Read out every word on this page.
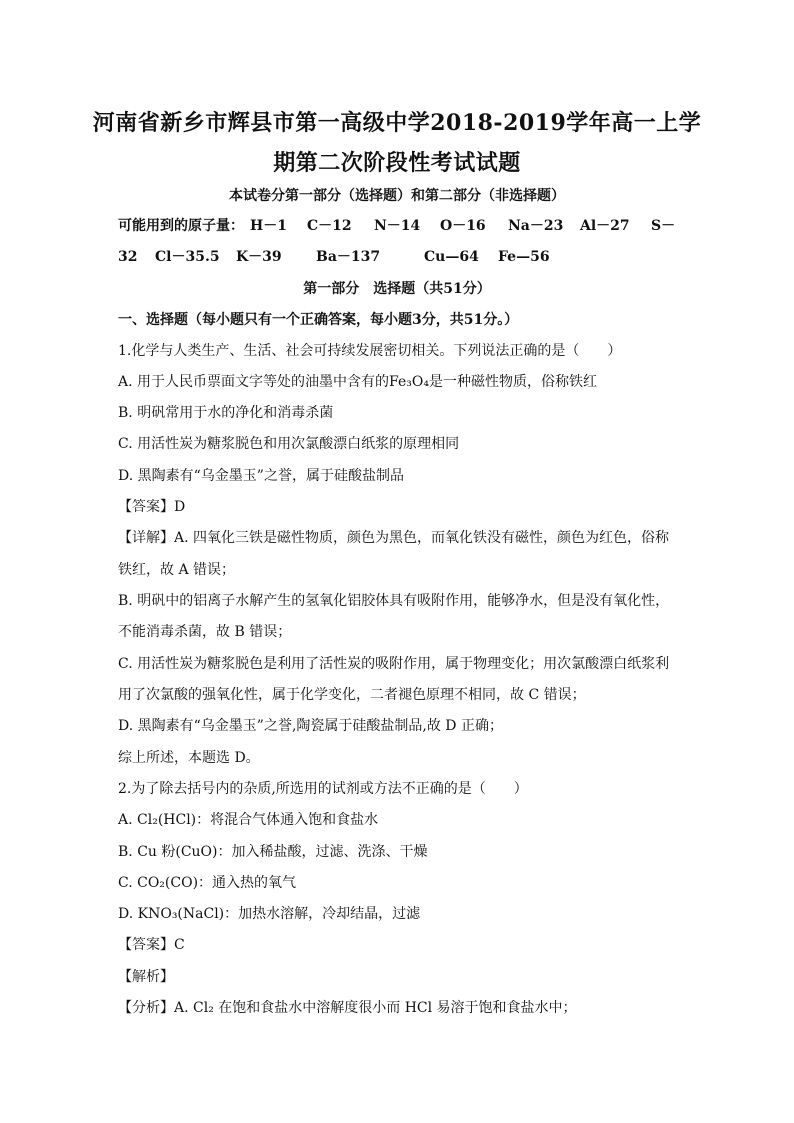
河南省新乡市辉县市第一高级中学2018-2019学年高一上学
期第二次阶段性考试试题
本试卷分第一部分（选择题）和第二部分（非选择题）
可能用到的原子量： H－1 C－12 N－14 O－16 Na－23 Al－27 S－
32 Cl－35.5 K－39 Ba－137	Cu—64 Fe—56
第一部分　选择题（共51分）
一、选择题（每小题只有一个正确答案，每小题3分，共51分。）
1.化学与人类生产、生活、社会可持续发展密切相关。下列说法正确的是（　　）
A. 用于人民币票面文字等处的油墨中含有的Fe₃O₄是一种磁性物质，俗称铁红
B. 明矾常用于水的净化和消毒杀菌
C. 用活性炭为糖浆脱色和用次氯酸漂白纸浆的原理相同
D. 黑陶素有“乌金墨玉”之誉，属于硅酸盐制品
【答案】D
【详解】A. 四氧化三铁是磁性物质，颜色为黑色，而氧化铁没有磁性，颜色为红色，俗称
铁红，故 A 错误；
B. 明矾中的铝离子水解产生的氢氧化铝胶体具有吸附作用，能够净水，但是没有氧化性，
不能消毒杀菌，故 B 错误；
C. 用活性炭为糖浆脱色是利用了活性炭的吸附作用，属于物理变化；用次氯酸漂白纸浆利
用了次氯酸的强氧化性，属于化学变化，二者褪色原理不相同，故 C 错误；
D. 黑陶素有“乌金墨玉”之誉,陶瓷属于硅酸盐制品,故 D 正确；
综上所述，本题选 D。
2.为了除去括号内的杂质,所选用的试剂或方法不正确的是（　　）
A. Cl₂(HCl)：将混合气体通入饱和食盐水
B. Cu 粉(CuO)：加入稀盐酸，过滤、洗涤、干燥
C. CO₂(CO)：通入热的氧气
D. KNO₃(NaCl)：加热水溶解，冷却结晶，过滤
【答案】C
【解析】
【分析】A. Cl₂ 在饱和食盐水中溶解度很小而 HCl 易溶于饱和食盐水中；
